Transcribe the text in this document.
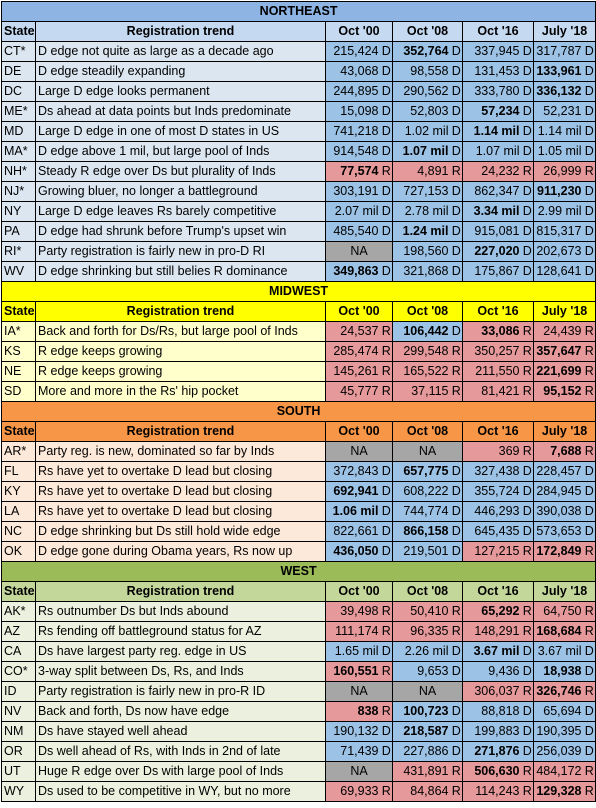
NORTHEAST									
State	Registration trend	Oct '00		Oct '08		Oct '16		July '18	
CT*	D edge not quite as large as a decade ago	215,424	D	352,764	D	337,945	D	317,787	D
DE	D edge steadily expanding	43,068	D	98,558	D	131,453	D	133,961	D
DC	Large D edge looks permanent	244,895	D	290,562	D	333,780	D	336,132	D
ME*	Ds ahead at data points but Inds predominate	15,098	D	52,803	D	57,234	D	52,231	D
MD	Large D edge in one of most D states in US	741,218	D	1.02 mil	D	1.14 mil	D	1.14 mil	D
MA*	D edge above 1 mil, but large pool of Inds	914,548	D	1.07 mil	D	1.07 mil	D	1.05 mil	D
NH*	Steady R edge over Ds but plurality of Inds	77,574	R	4,891	R	24,232	R	26,999	R
NJ*	Growing bluer, no longer a battleground	303,191	D	727,153	D	862,347	D	911,230	D
NY	Large D edge leaves Rs barely competitive	2.07 mil	D	2.78 mil	D	3.34 mil	D	2.99 mil	D
PA	D edge had shrunk before Trump's upset win	485,540	D	1.24 mil	D	915,081	D	815,317	D
RI*	Party registration is fairly new in pro-D RI	NA		198,560	D	227,020	D	202,673	D
WV	D edge shrinking but still belies R dominance	349,863	D	321,868	D	175,867	D	128,641	D
MIDWEST									
State	Registration trend	Oct '00		Oct '08		Oct '16		July '18	
IA*	Back and forth for Ds/Rs, but large pool of Inds	24,537	R	106,442	D	33,086	R	24,439	R
KS	R edge keeps growing	285,474	R	299,548	R	350,257	R	357,647	R
NE	R edge keeps growing	145,261	R	165,522	R	211,550	R	221,699	R
SD	More and more in the Rs' hip pocket	45,777	R	37,115	R	81,421	R	95,152	R
SOUTH									
State	Registration trend	Oct '00		Oct '08		Oct '16		July '18	
AR*	Party reg. is new, dominated so far by Inds	NA		NA		369	R	7,688	R
FL	Rs have yet to overtake D lead but closing	372,843	D	657,775	D	327,438	D	228,457	D
KY	Rs have yet to overtake D lead but closing	692,941	D	608,222	D	355,724	D	284,945	D
LA	Rs have yet to overtake D lead but closing	1.06 mil	D	744,774	D	446,293	D	390,038	D
NC	D edge shrinking but Ds still hold wide edge	822,661	D	866,158	D	645,435	D	573,653	D
OK	D edge gone during Obama years, Rs now up	436,050	D	219,501	D	127,215	R	172,849	R
WEST									
State	Registration trend	Oct '00		Oct '08		Oct '16		July '18	
AK*	Rs outnumber Ds but Inds abound	39,498	R	50,410	R	65,292	R	64,750	R
AZ	Rs fending off battleground status for AZ	111,174	R	96,335	R	148,291	R	168,684	R
CA	Ds have largest party reg. edge in US	1.65 mil	D	2.26 mil	D	3.67 mil	D	3.67 mil	D
CO*	3-way split between Ds, Rs, and Inds	160,551	R	9,653	D	9,436	D	18,938	D
ID	Party registration is fairly new in pro-R ID	NA		NA		306,037	R	326,746	R
NV	Back and forth, Ds now have edge	838	R	100,723	D	88,818	D	65,694	D
NM	Ds have stayed well ahead	190,132	D	218,587	D	199,883	D	190,395	D
OR	Ds well ahead of Rs, with Inds in 2nd of late	71,439	D	227,886	D	271,876	D	256,039	D
UT	Huge R edge over Ds with large pool of Inds	NA		431,891	R	506,630	R	484,172	R
WY	Ds used to be competitive in WY, but no more	69,933	R	84,864	R	114,243	R	129,328	R
